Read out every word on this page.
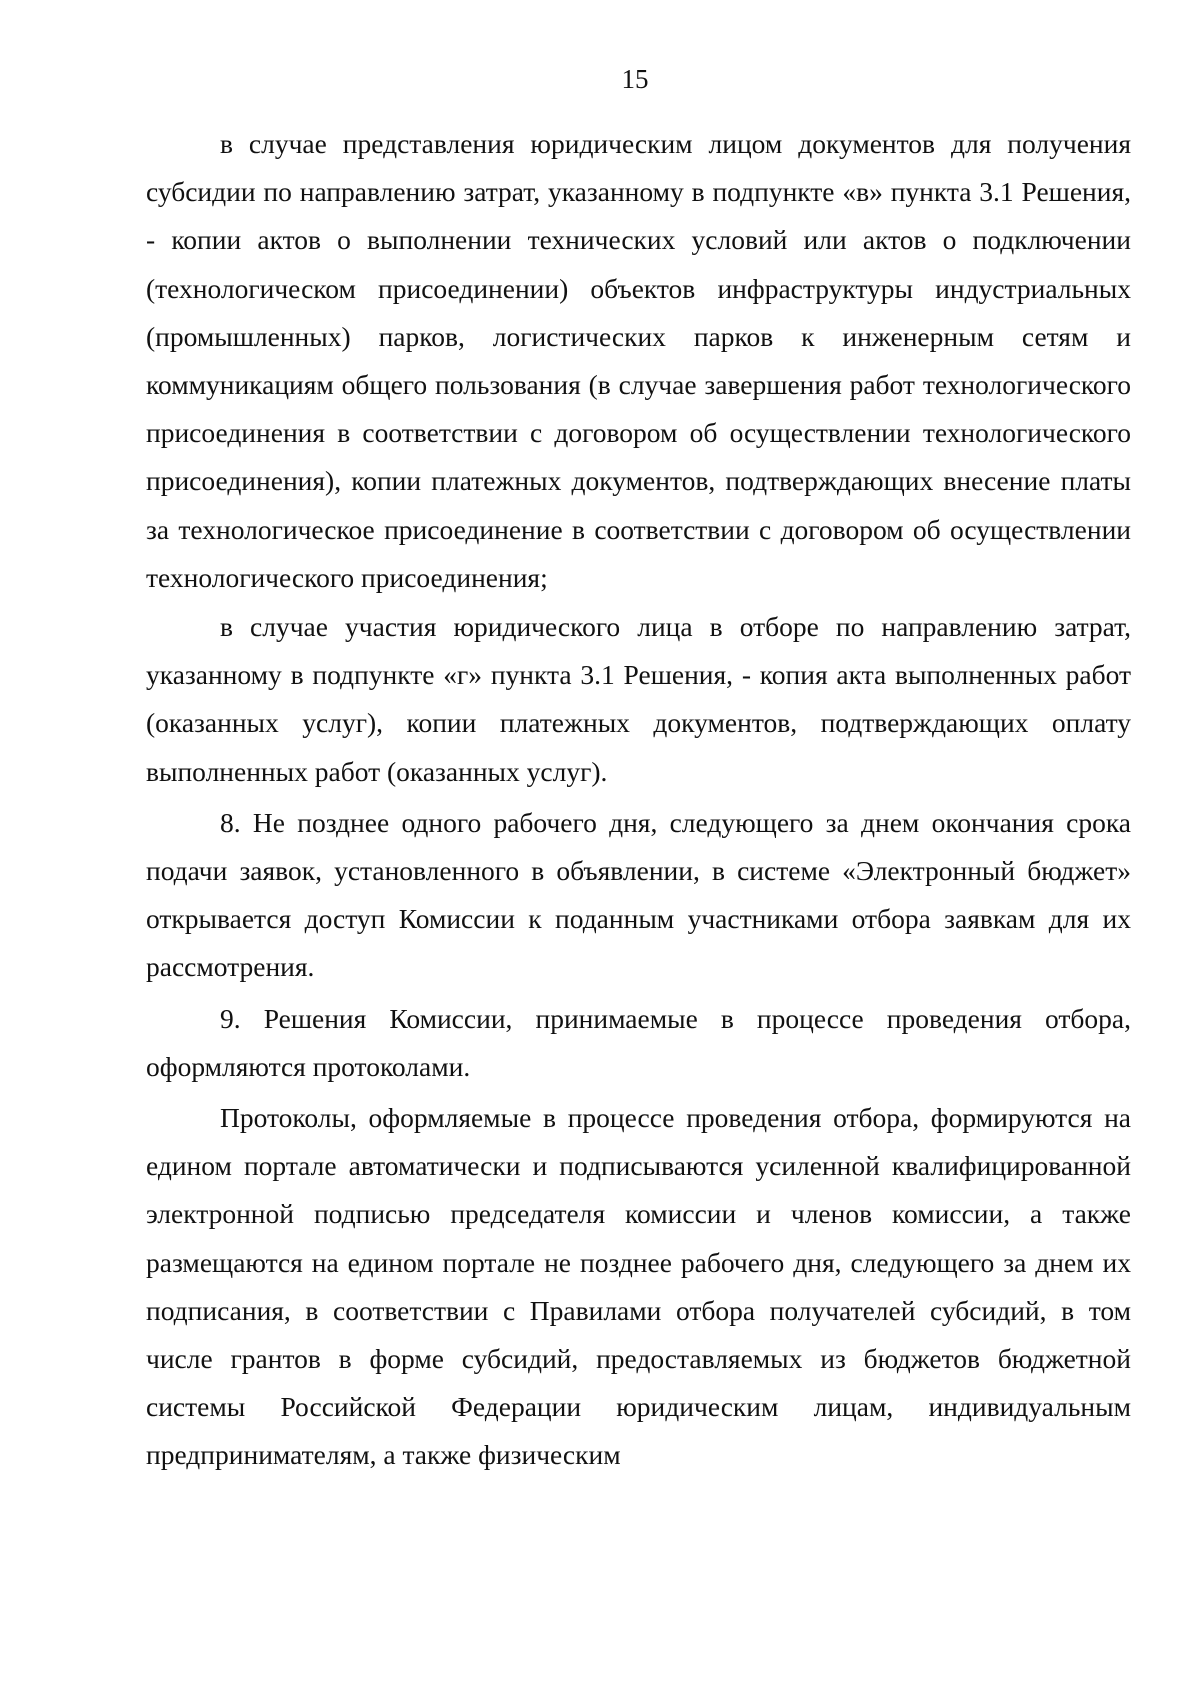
15

в случае представления юридическим лицом документов для получения субсидии по направлению затрат, указанному в подпункте «в» пункта 3.1 Решения, - копии актов о выполнении технических условий или актов о подключении (технологическом присоединении) объектов инфраструктуры индустриальных (промышленных) парков, логистических парков к инженерным сетям и коммуникациям общего пользования (в случае завершения работ технологического присоединения в соответствии с договором об осуществлении технологического присоединения), копии платежных документов, подтверждающих внесение платы за технологическое присоединение в соответствии с договором об осуществлении технологического присоединения;

в случае участия юридического лица в отборе по направлению затрат, указанному в подпункте «г» пункта 3.1 Решения, - копия акта выполненных работ (оказанных услуг), копии платежных документов, подтверждающих оплату выполненных работ (оказанных услуг).

8. Не позднее одного рабочего дня, следующего за днем окончания срока подачи заявок, установленного в объявлении, в системе «Электронный бюджет» открывается доступ Комиссии к поданным участниками отбора заявкам для их рассмотрения.

9. Решения Комиссии, принимаемые в процессе проведения отбора, оформляются протоколами.

Протоколы, оформляемые в процессе проведения отбора, формируются на едином портале автоматически и подписываются усиленной квалифицированной электронной подписью председателя комиссии и членов комиссии, а также размещаются на едином портале не позднее рабочего дня, следующего за днем их подписания, в соответствии с Правилами отбора получателей субсидий, в том числе грантов в форме субсидий, предоставляемых из бюджетов бюджетной системы Российской Федерации юридическим лицам, индивидуальным предпринимателям, а также физическим
